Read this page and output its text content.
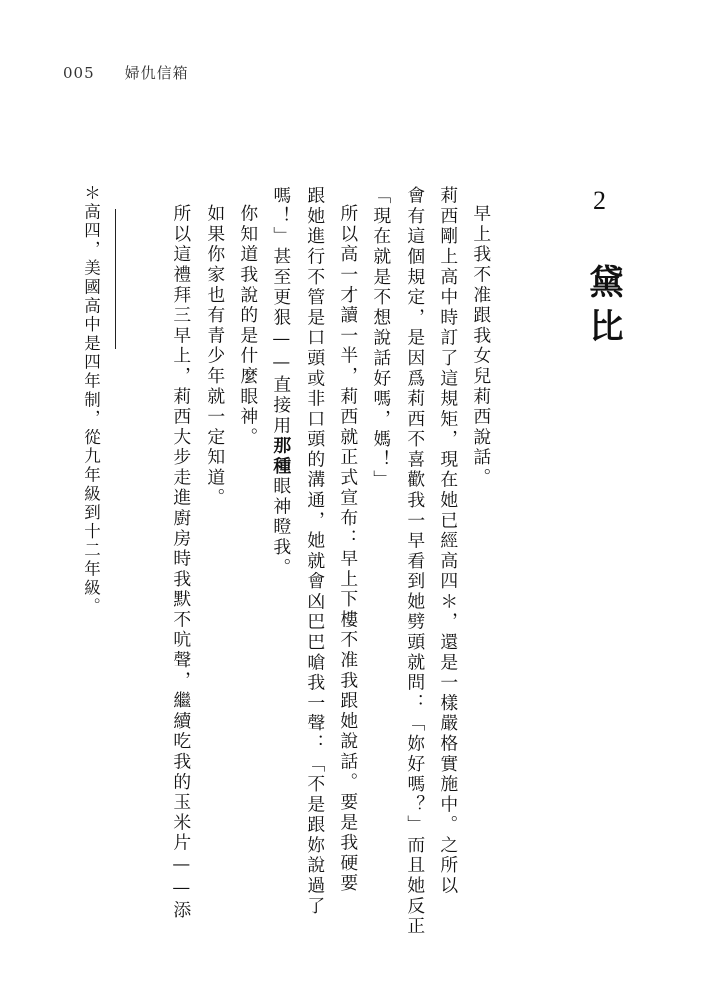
005 婦仇信箱
2
黛比
早上我不准跟我女兒莉西說話。
莉西剛上高中時訂了這規矩，現在她已經高四＊，還是一樣嚴格實施中。之所以
會有這個規定，是因爲莉西不喜歡我一早看到她劈頭就問：「妳好嗎？」而且她反正
「現在就是不想說話好嗎，媽！」
所以高一才讀一半，莉西就正式宣布：早上下樓不准我跟她說話。要是我硬要
跟她進行不管是口頭或非口頭的溝通，她就會凶巴巴嗆我一聲：「不是跟妳說過了
嗎！」甚至更狠——直接用那種眼神瞪我。
你知道我說的是什麼眼神。
如果你家也有青少年就一定知道。
所以這禮拜三早上，莉西大步走進廚房時我默不吭聲，繼續吃我的玉米片——添
＊高四，美國高中是四年制，從九年級到十二年級。
